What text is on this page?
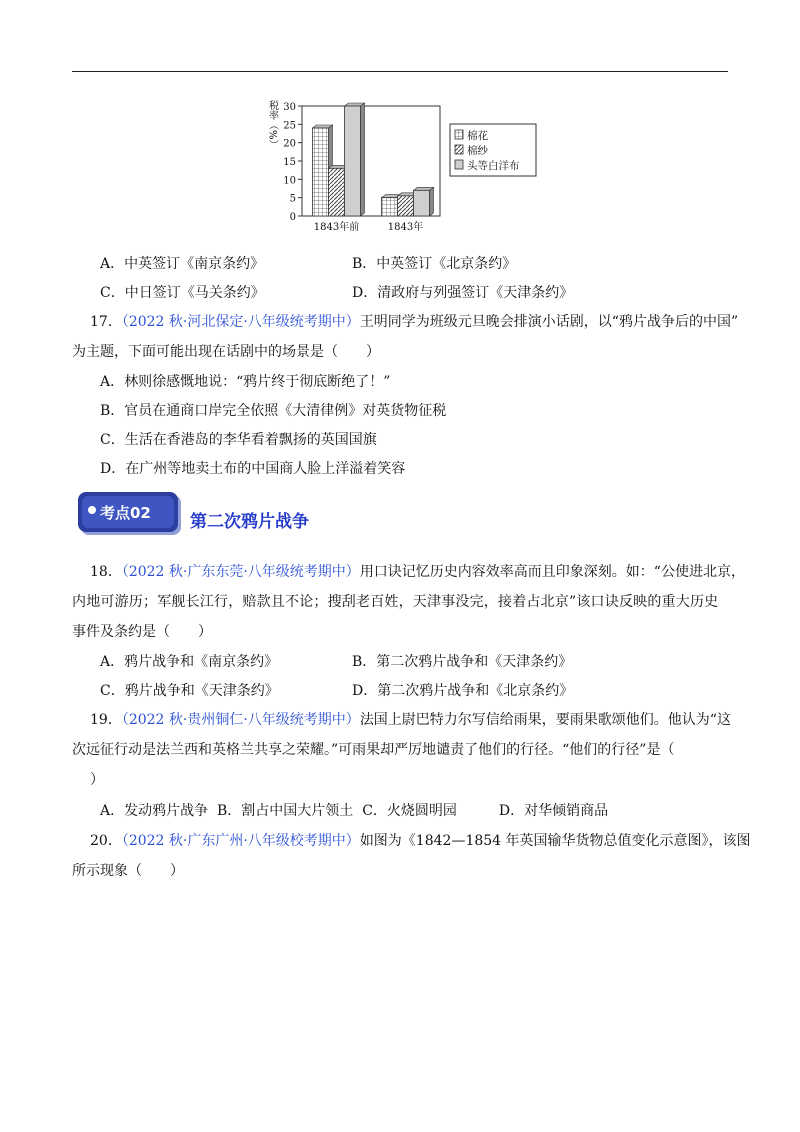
0
5
10
15
20
25
30
1843年前	1843年
棉花
棉纱
头等白洋布
税率（%）
A．中英签订《南京条约》	B．中英签订《北京条约》
C．中日签订《马关条约》	D．清政府与列强签订《天津条约》
17．（2022 秋·河北保定·八年级统考期中）王明同学为班级元旦晚会排演小话剧，以“鸦片战争后的中国”
为主题，下面可能出现在话剧中的场景是（　　）
A．林则徐感慨地说：“鸦片终于彻底断绝了！”
B．官员在通商口岸完全依照《大清律例》对英货物征税
C．生活在香港岛的李华看着飘扬的英国国旗
D．在广州等地卖土布的中国商人脸上洋溢着笑容
考点02 第二次鸦片战争
18．（2022 秋·广东东莞·八年级统考期中）用口诀记忆历史内容效率高而且印象深刻。如：“公使进北京，
内地可游历；军舰长江行，赔款且不论；搜刮老百姓，天津事没完，接着占北京”该口诀反映的重大历史
事件及条约是（　　）
A．鸦片战争和《南京条约》	B．第二次鸦片战争和《天津条约》
C．鸦片战争和《天津条约》	D．第二次鸦片战争和《北京条约》
19．（2022 秋·贵州铜仁·八年级统考期中）法国上尉巴特力尔写信给雨果，要雨果歌颂他们。他认为“这
次远征行动是法兰西和英格兰共享之荣耀。”可雨果却严厉地谴责了他们的行径。“他们的行径”是（
）
A．发动鸦片战争  B．割占中国大片领土  C．火烧圆明园　　　D．对华倾销商品
20．（2022 秋·广东广州·八年级校考期中）如图为《1842—1854 年英国输华货物总值变化示意图》，该图
所示现象（　　）
